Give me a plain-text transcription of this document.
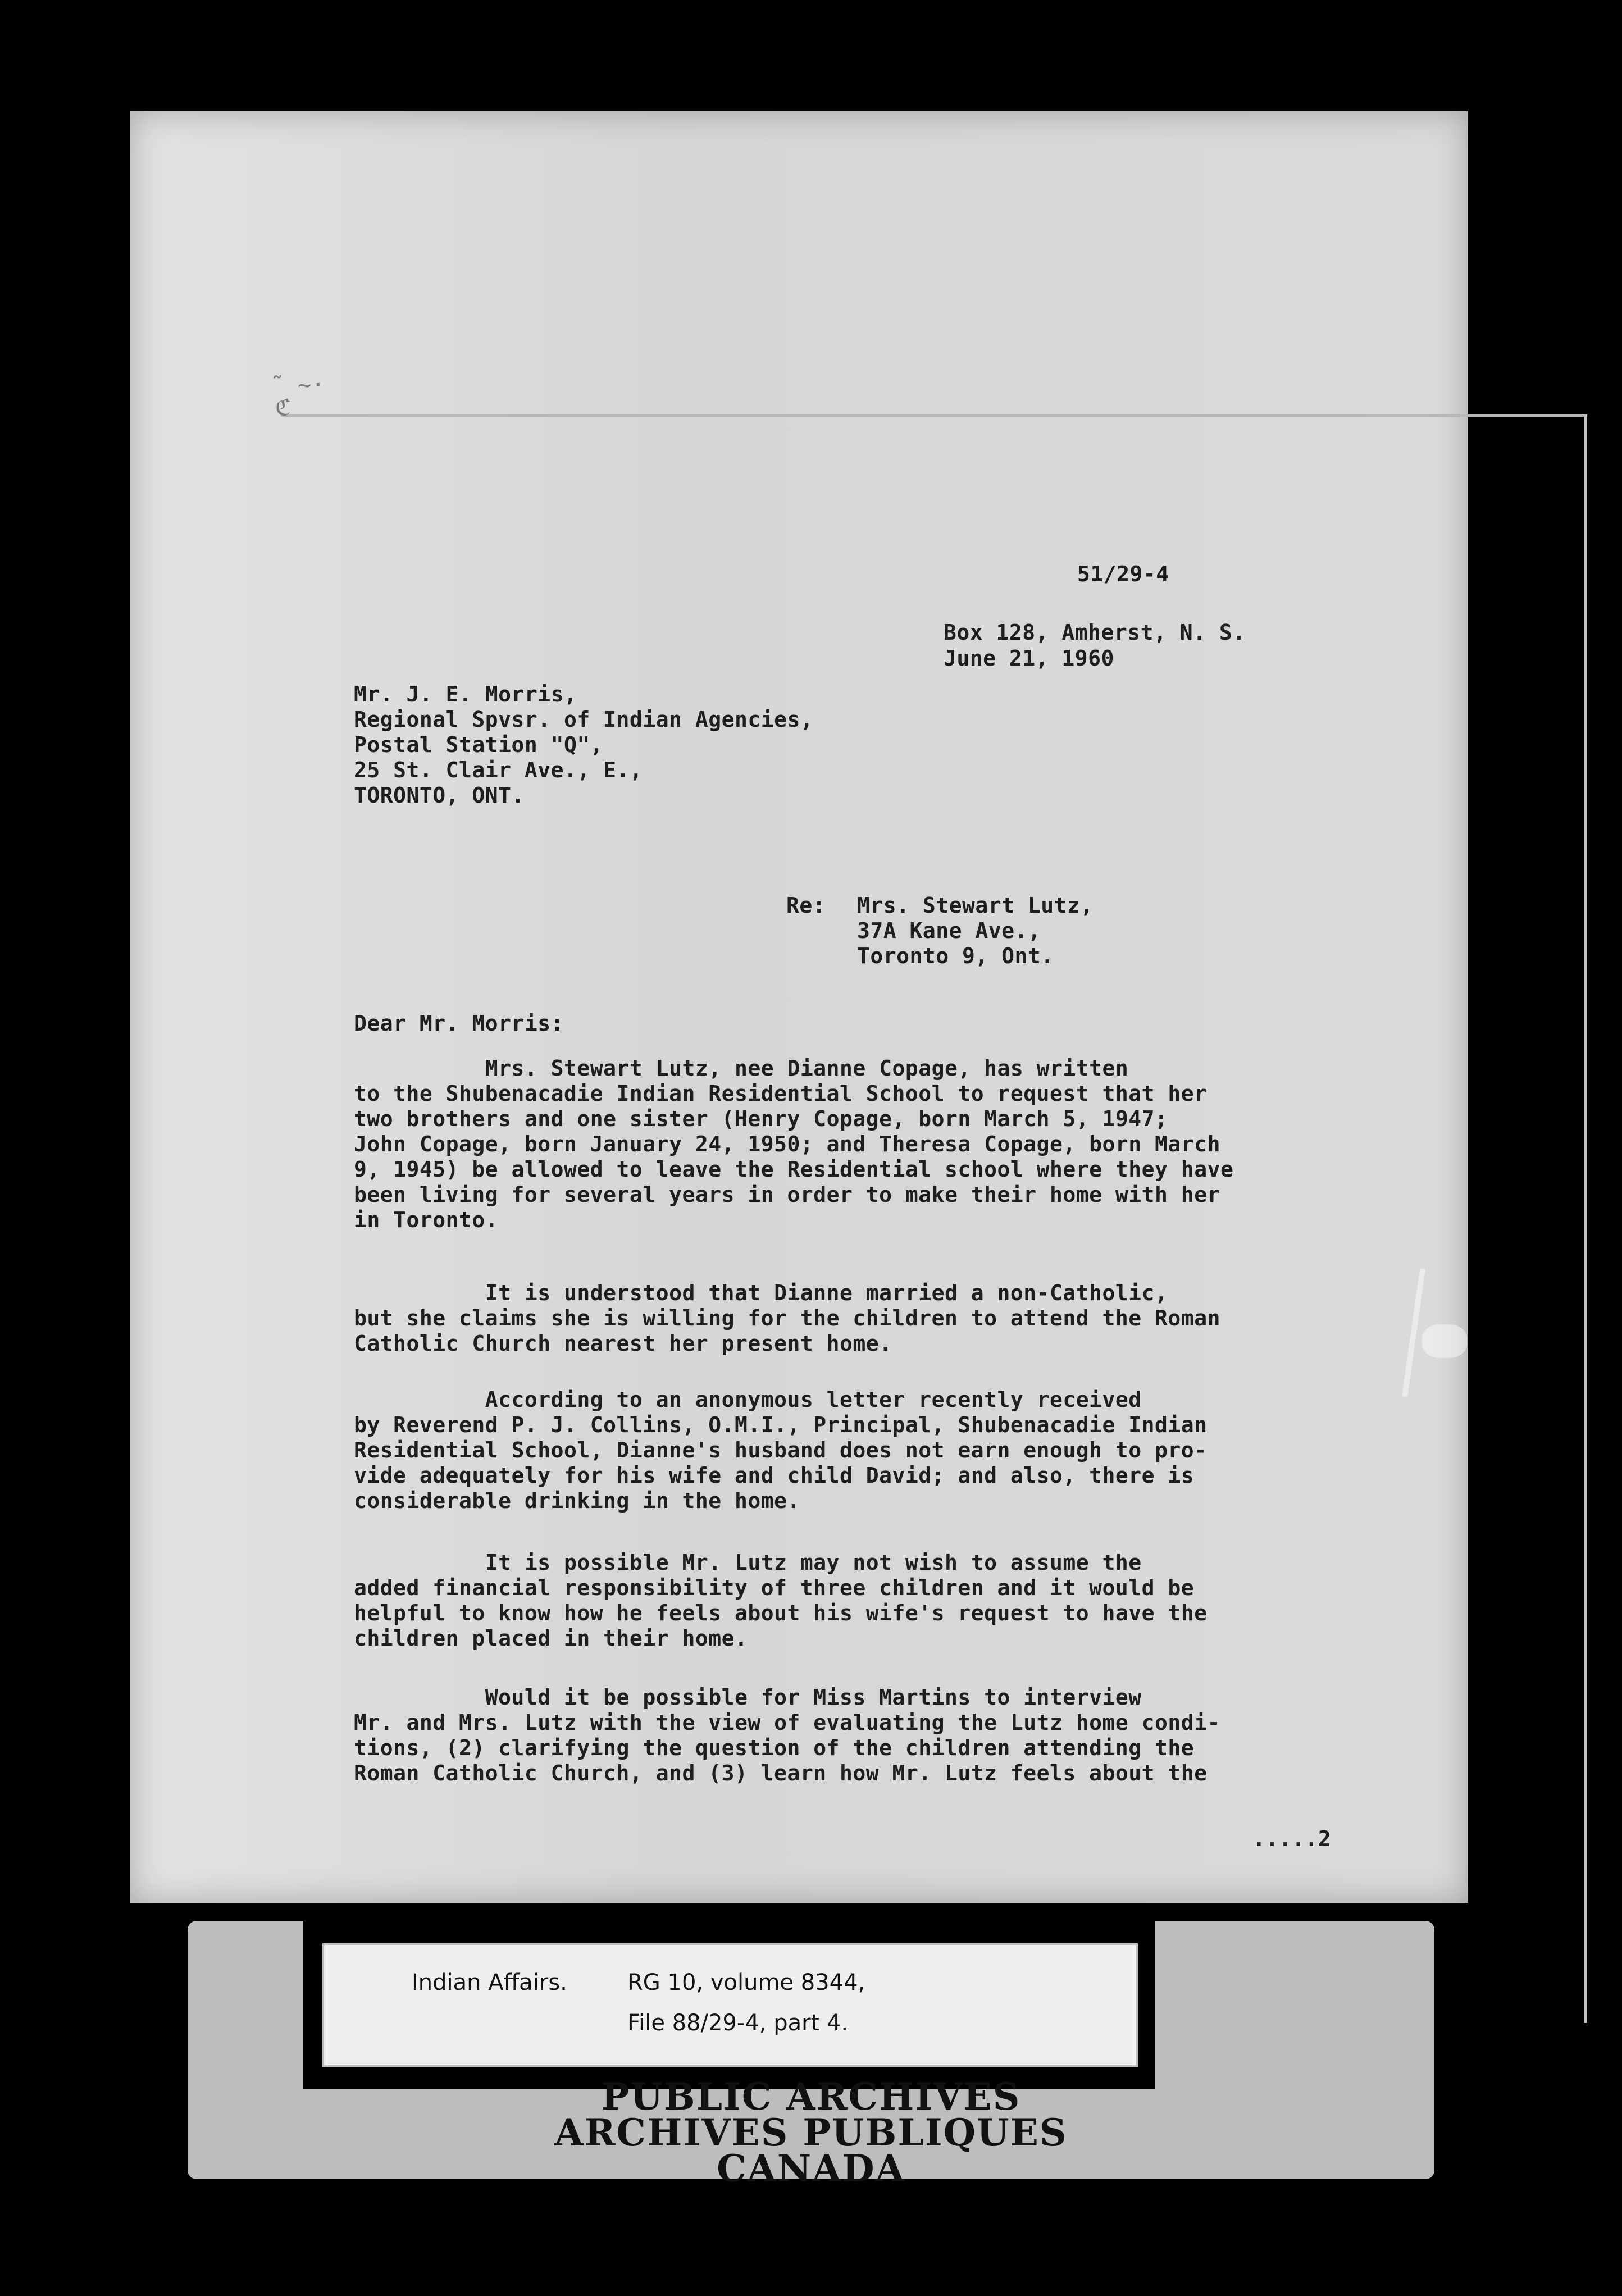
˜ ~·
ℭ
51/29-4
Box 128, Amherst, N. S.
June 21, 1960
Mr. J. E. Morris,
Regional Spvsr. of Indian Agencies,
Postal Station "Q",
25 St. Clair Ave., E.,
TORONTO, ONT.
Re: Mrs. Stewart Lutz,
37A Kane Ave.,
Toronto 9, Ont.
Dear Mr. Morris:
Mrs. Stewart Lutz, nee Dianne Copage, has written
to the Shubenacadie Indian Residential School to request that her
two brothers and one sister (Henry Copage, born March 5, 1947;
John Copage, born January 24, 1950; and Theresa Copage, born March
9, 1945) be allowed to leave the Residential school where they have
been living for several years in order to make their home with her
in Toronto.
It is understood that Dianne married a non-Catholic,
but she claims she is willing for the children to attend the Roman
Catholic Church nearest her present home.
According to an anonymous letter recently received
by Reverend P. J. Collins, O.M.I., Principal, Shubenacadie Indian
Residential School, Dianne's husband does not earn enough to pro-
vide adequately for his wife and child David; and also, there is
considerable drinking in the home.
It is possible Mr. Lutz may not wish to assume the
added financial responsibility of three children and it would be
helpful to know how he feels about his wife's request to have the
children placed in their home.
Would it be possible for Miss Martins to interview
Mr. and Mrs. Lutz with the view of evaluating the Lutz home condi-
tions, (2) clarifying the question of the children attending the
Roman Catholic Church, and (3) learn how Mr. Lutz feels about the
.....2
Indian Affairs.	RG 10, volume 8344,
File 88/29-4, part 4.
PUBLIC ARCHIVES
ARCHIVES PUBLIQUES
CANADA
